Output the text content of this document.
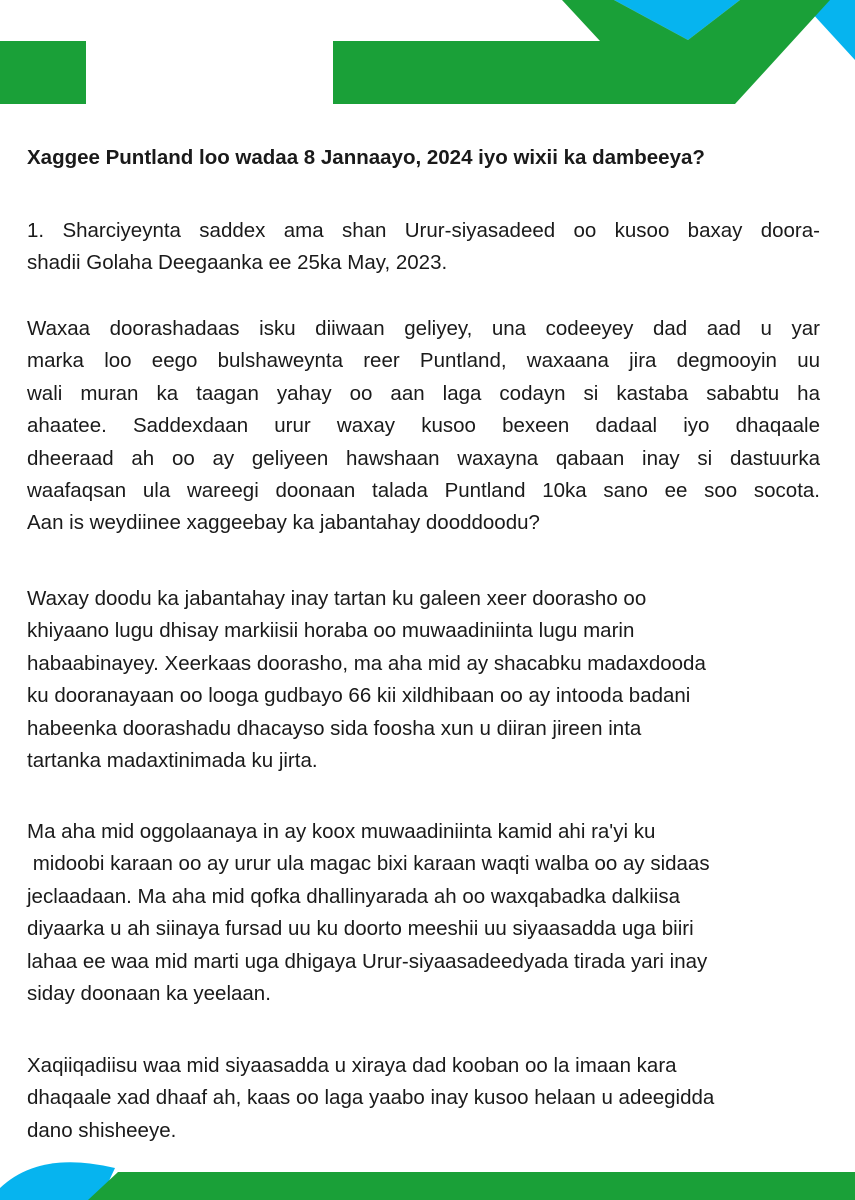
Xaggee Puntland loo wadaa 8 Jannaayo, 2024 iyo wixii ka dambeeya?
1. Sharciyeynta saddex ama shan Urur-siyasadeed oo kusoo baxay doora-
shadii Golaha Deegaanka ee 25ka May, 2023.
Waxaa doorashadaas isku diiwaan geliyey, una codeeyey dad aad u yar
marka loo eego bulshaweynta reer Puntland, waxaana jira degmooyin uu
wali muran ka taagan yahay oo aan laga codayn si kastaba sababtu ha
ahaatee. Saddexdaan urur waxay kusoo bexeen dadaal iyo dhaqaale
dheeraad ah oo ay geliyeen hawshaan waxayna qabaan inay si dastuurka
waafaqsan ula wareegi doonaan talada Puntland 10ka sano ee soo socota.
Aan is weydiinee xaggeebay ka jabantahay dooddoodu?
Waxay doodu ka jabantahay inay tartan ku galeen xeer doorasho oo
khiyaano lugu dhisay markiisii horaba oo muwaadiniinta lugu marin
habaabinayey. Xeerkaas doorasho, ma aha mid ay shacabku madaxdooda
ku dooranayaan oo looga gudbayo 66 kii xildhibaan oo ay intooda badani
habeenka doorashadu dhacayso sida foosha xun u diiran jireen inta
tartanka madaxtinimada ku jirta.
Ma aha mid oggolaanaya in ay koox muwaadiniinta kamid ahi ra'yi ku
midoobi karaan oo ay urur ula magac bixi karaan waqti walba oo ay sidaas
jeclaadaan. Ma aha mid qofka dhallinyarada ah oo waxqabadka dalkiisa
diyaarka u ah siinaya fursad uu ku doorto meeshii uu siyaasadda uga biiri
lahaa ee waa mid marti uga dhigaya Urur-siyaasadeedyada tirada yari inay
siday doonaan ka yeelaan.
Xaqiiqadiisu waa mid siyaasadda u xiraya dad kooban oo la imaan kara
dhaqaale xad dhaaf ah, kaas oo laga yaabo inay kusoo helaan u adeegidda
dano shisheeye.
